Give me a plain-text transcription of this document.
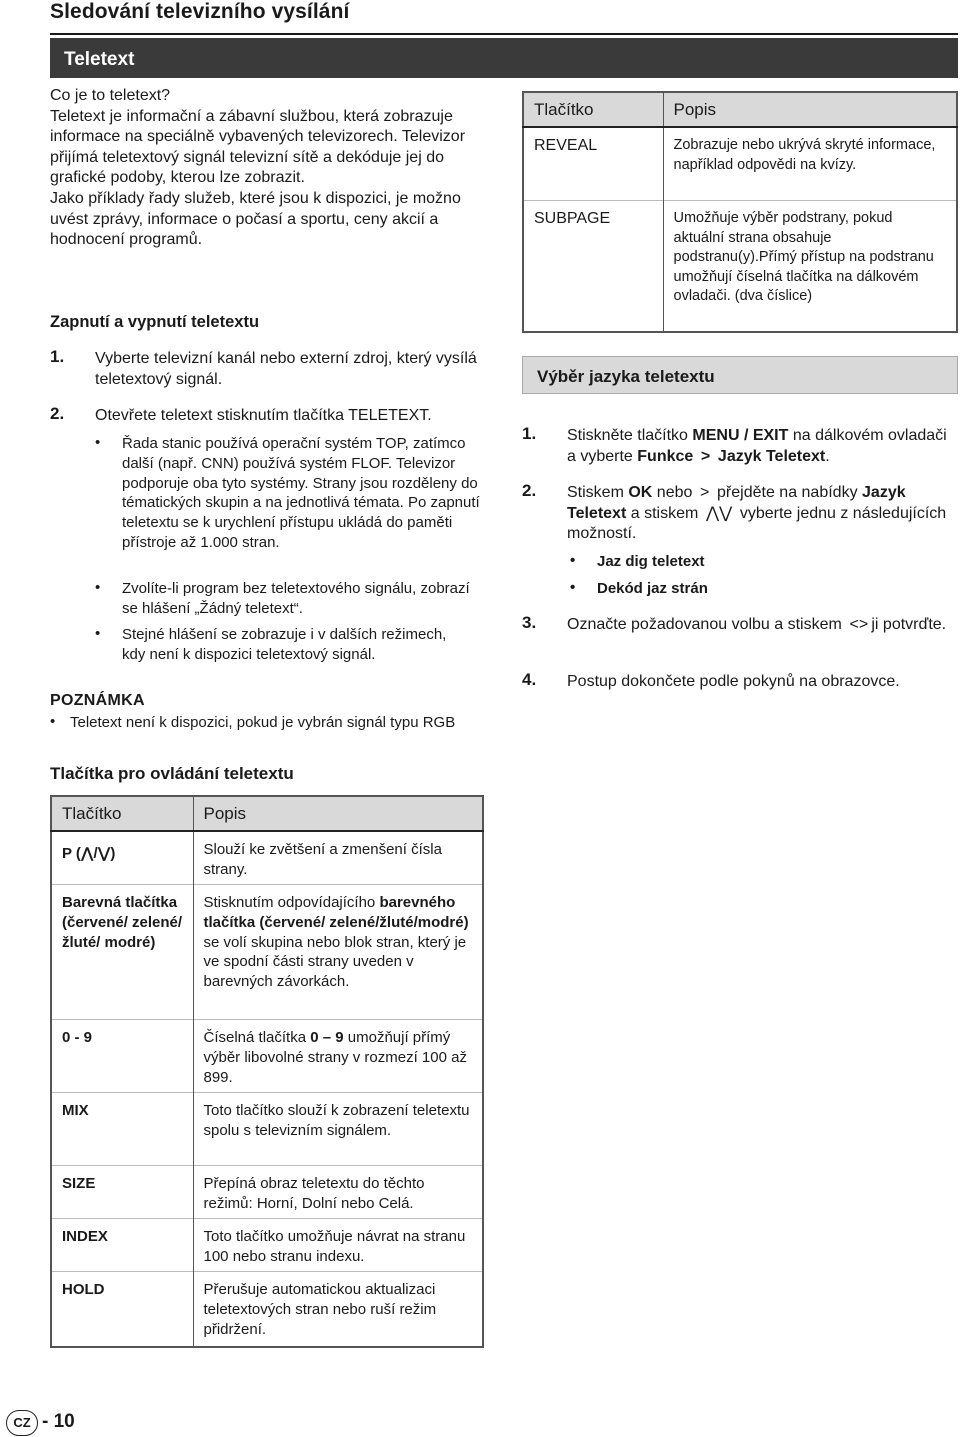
Sledování televizního vysílání
Teletext
Co je to teletext?
Teletext je informační a zábavní službou, která zobrazuje informace na speciálně vybavených televizorech. Televizor přijímá teletextový signál televizní sítě a dekóduje jej do grafické podoby, kterou lze zobrazit.
Jako příklady řady služeb, které jsou k dispozici, je možno uvést zprávy, informace o počasí a sportu, ceny akcií a hodnocení programů.
Zapnutí a vypnutí teletextu
1. Vyberte televizní kanál nebo externí zdroj, který vysílá teletextový signál.
2. Otevřete teletext stisknutím tlačítka TELETEXT.
• Řada stanic používá operační systém TOP, zatímco další (např. CNN) používá systém FLOF. Televizor podporuje oba tyto systémy. Strany jsou rozděleny do tématických skupin a na jednotlivá témata. Po zapnutí teletextu se k urychlení přístupu ukládá do paměti přístroje až 1.000 stran.
• Zvolíte-li program bez teletextového signálu, zobrazí se hlášení „Žádný teletext“.
• Stejné hlášení se zobrazuje i v dalších režimech, kdy není k dispozici teletextový signál.
POZNÁMKA
• Teletext není k dispozici, pokud je vybrán signál typu RGB
Tlačítka pro ovládání teletextu
Tlačítko	Popis
P (⋀/⋁)	Slouží ke zvětšení a zmenšení čísla strany.
Barevná tlačítka (červené/ zelené/žluté/ modré)	Stisknutím odpovídajícího barevného tlačítka (červené/ zelené/žluté/modré) se volí skupina nebo blok stran, který je ve spodní části strany uveden v barevných závorkách.
0 - 9	Číselná tlačítka 0 – 9 umožňují přímý výběr libovolné strany v rozmezí 100 až 899.
MIX	Toto tlačítko slouží k zobrazení teletextu spolu s televizním signálem.
SIZE	Přepíná obraz teletextu do těchto režimů: Horní, Dolní nebo Celá.
INDEX	Toto tlačítko umožňuje návrat na stranu 100 nebo stranu indexu.
HOLD	Přerušuje automatickou aktualizaci teletextových stran nebo ruší režim přidržení.
Tlačítko	Popis
REVEAL	Zobrazuje nebo ukrývá skryté informace, například odpovědi na kvízy.
SUBPAGE	Umožňuje výběr podstrany, pokud aktuální strana obsahuje podstranu(y).Přímý přístup na podstranu umožňují číselná tlačítka na dálkovém ovladači. (dva číslice)
Výběr jazyka teletextu
1. Stiskněte tlačítko MENU / EXIT na dálkovém ovladači a vyberte Funkce  >  Jazyk Teletext.
2. Stiskem OK nebo  >  přejděte na nabídky Jazyk Teletext a stiskem  ⋀⋁  vyberte jednu z následujících možností.
• Jaz dig teletext
• Dekód jaz strán
3. Označte požadovanou volbu a stiskem  <> ji potvrďte.
4. Postup dokončete podle pokynů na obrazovce.
CZ - 10
